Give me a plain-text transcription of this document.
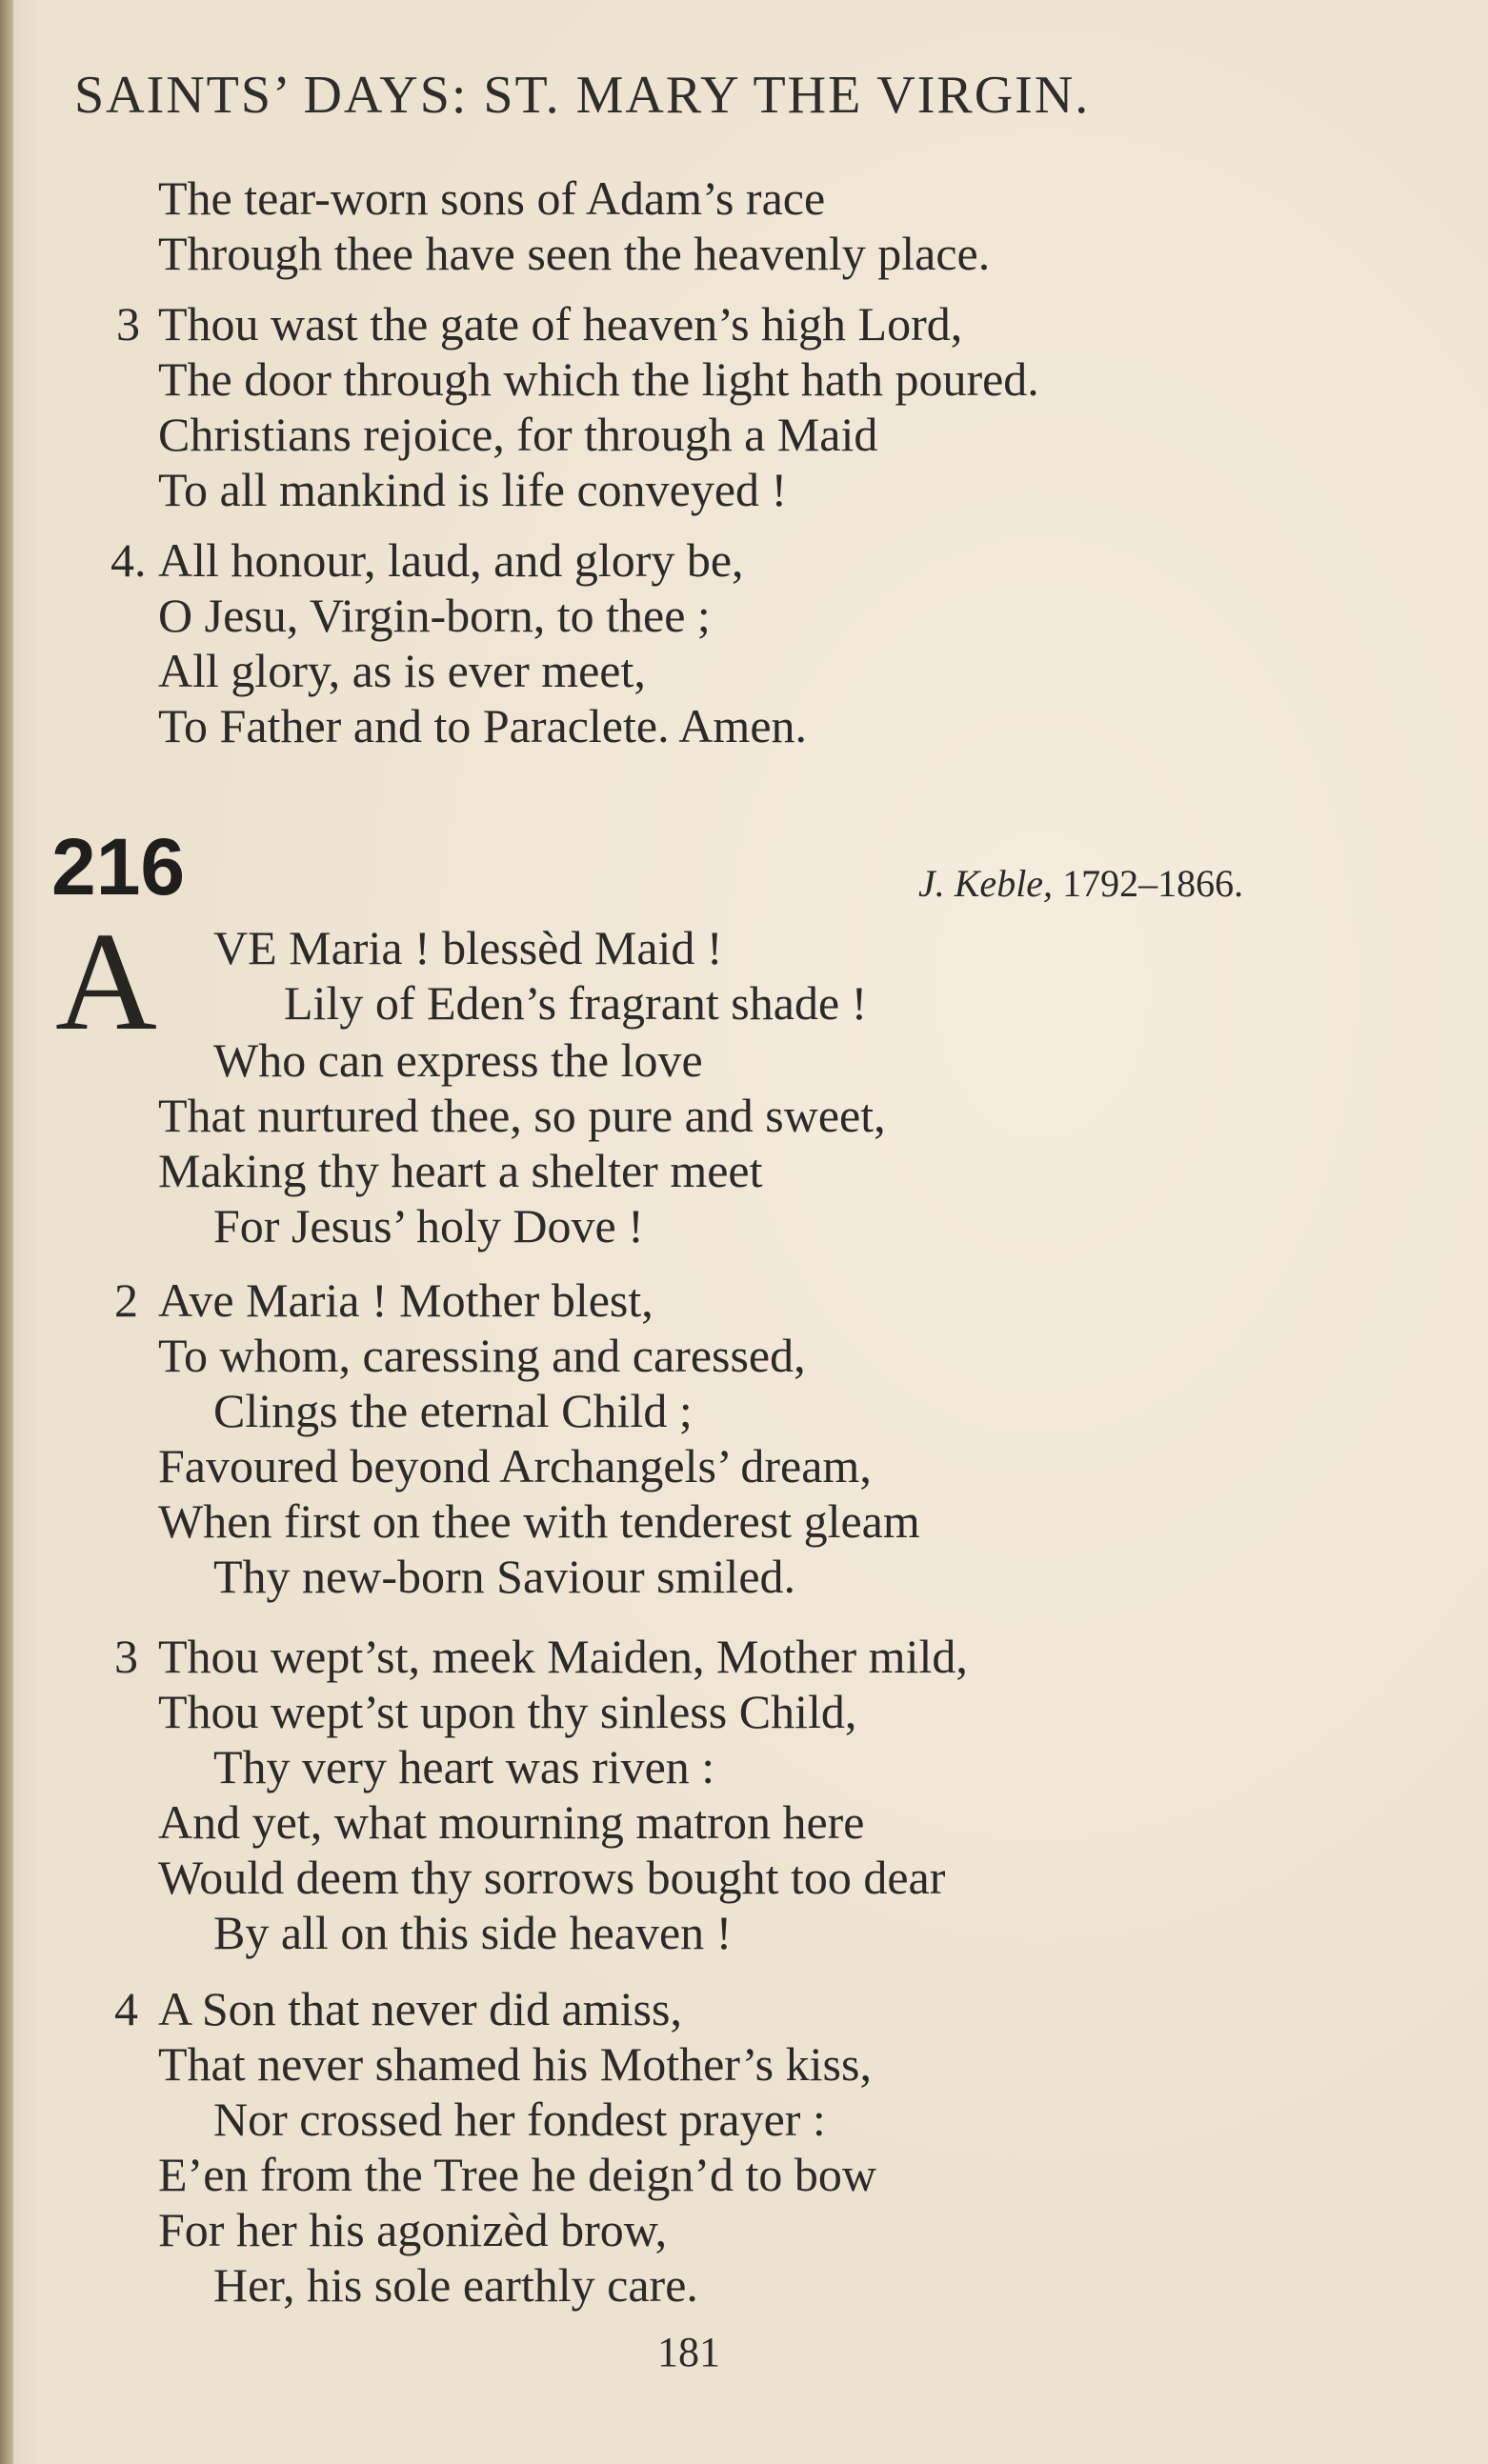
SAINTS’ DAYS: ST. MARY THE VIRGIN.
The tear-worn sons of Adam’s race
Through thee have seen the heavenly place.
3 Thou wast the gate of heaven’s high Lord,
The door through which the light hath poured.
Christians rejoice, for through a Maid
To all mankind is life conveyed !
4. All honour, laud, and glory be,
O Jesu, Virgin-born, to thee ;
All glory, as is ever meet,
To Father and to Paraclete. Amen.
216	J. Keble, 1792–1866.
A VE Maria ! blessèd Maid !
Lily of Eden’s fragrant shade !
Who can express the love
That nurtured thee, so pure and sweet,
Making thy heart a shelter meet
For Jesus’ holy Dove !
2 Ave Maria ! Mother blest,
To whom, caressing and caressed,
Clings the eternal Child ;
Favoured beyond Archangels’ dream,
When first on thee with tenderest gleam
Thy new-born Saviour smiled.
3 Thou wept’st, meek Maiden, Mother mild,
Thou wept’st upon thy sinless Child,
Thy very heart was riven :
And yet, what mourning matron here
Would deem thy sorrows bought too dear
By all on this side heaven !
4 A Son that never did amiss,
That never shamed his Mother’s kiss,
Nor crossed her fondest prayer :
E’en from the Tree he deign’d to bow
For her his agonizèd brow,
Her, his sole earthly care.
181
